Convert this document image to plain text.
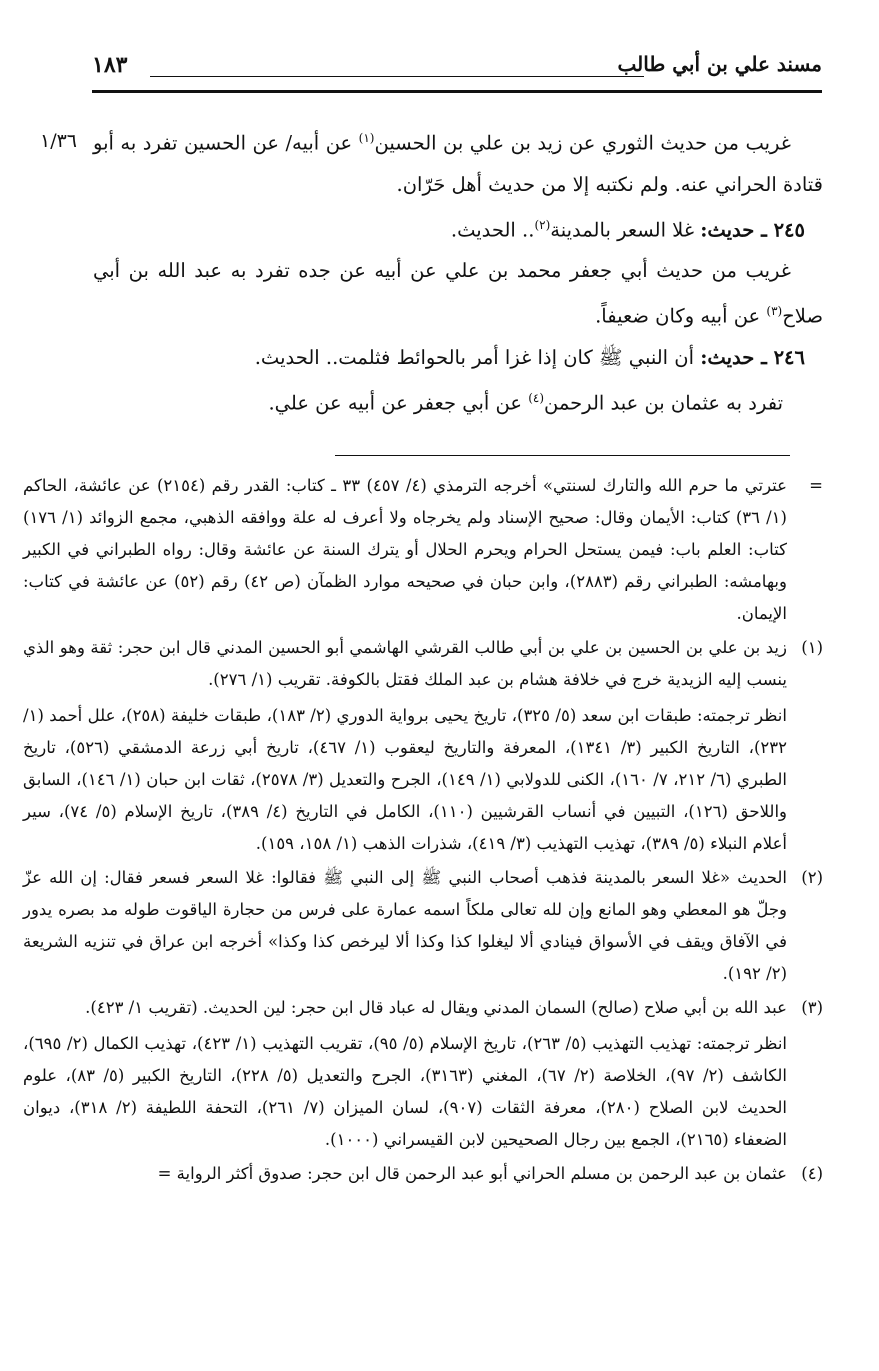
مسند علي بن أبي طالب
١٨٣
١/٣٦	غريب من حديث الثوري عن زيد بن علي بن الحسين$^{(١)}$ عن أبيه/ عن الحسين تفرد به أبو قتادة الحراني عنه. ولم نكتبه إلا من حديث أهل حَرّان.

٢٤٥ ـ حديث: غلا السعر بالمدينة$^{(٢)}$.. الحديث.

غريب من حديث أبي جعفر محمد بن علي عن أبيه عن جده تفرد به عبد الله بن أبي صلاح$^{(٣)}$ عن أبيه وكان ضعيفاً.

٢٤٦ ـ حديث: أن النبي ﷺ كان إذا غزا أمر بالحوائط فثلمت.. الحديث.

تفرد به عثمان بن عبد الرحمن$^{(٤)}$ عن أبي جعفر عن أبيه عن علي.

=

عترتي ما حرم الله والتارك لسنتي» أخرجه الترمذي (٤/ ٤٥٧) ٣٣ ـ كتاب: القدر رقم (٢١٥٤) عن عائشة، الحاكم (١/ ٣٦) كتاب: الأيمان وقال: صحيح الإسناد ولم يخرجاه ولا أعرف له علة ووافقه الذهبي، مجمع الزوائد (١/ ١٧٦) كتاب: العلم باب: فيمن يستحل الحرام ويحرم الحلال أو يترك السنة عن عائشة وقال: رواه الطبراني في الكبير وبهامشه: الطبراني رقم (٢٨٨٣)، وابن حبان في صحيحه موارد الظمآن (ص ٤٢) رقم (٥٢) عن عائشة في كتاب: الإيمان.

(١)

زيد بن علي بن الحسين بن علي بن أبي طالب القرشي الهاشمي أبو الحسين المدني قال ابن حجر: ثقة وهو الذي ينسب إليه الزيدية خرج في خلافة هشام بن عبد الملك فقتل بالكوفة. تقريب (١/ ٢٧٦).

انظر ترجمته: طبقات ابن سعد (٥/ ٣٢٥)، تاريخ يحيى برواية الدوري (٢/ ١٨٣)، طبقات خليفة (٢٥٨)، علل أحمد (١/ ٢٣٢)، التاريخ الكبير (٣/ ١٣٤١)، المعرفة والتاريخ ليعقوب (١/ ٤٦٧)، تاريخ أبي زرعة الدمشقي (٥٢٦)، تاريخ الطبري (٦/ ٢١٢، ٧/ ١٦٠)، الكنى للدولابي (١/ ١٤٩)، الجرح والتعديل (٣/ ٢٥٧٨)، ثقات ابن حبان (١/ ١٤٦)، السابق واللاحق (١٢٦)، التبيين في أنساب القرشيين (١١٠)، الكامل في التاريخ (٤/ ٣٨٩)، تاريخ الإسلام (٥/ ٧٤)، سير أعلام النبلاء (٥/ ٣٨٩)، تهذيب التهذيب (٣/ ٤١٩)، شذرات الذهب (١/ ١٥٨، ١٥٩).

(٢)

الحديث «غلا السعر بالمدينة فذهب أصحاب النبي ﷺ إلى النبي ﷺ فقالوا: غلا السعر فسعر فقال: إن الله عزّ وجلّ هو المعطي وهو المانع وإن لله تعالى ملكاً اسمه عمارة على فرس من حجارة الياقوت طوله مد بصره يدور في الآفاق ويقف في الأسواق فينادي ألا ليغلوا كذا وكذا ألا ليرخص كذا وكذا» أخرجه ابن عراق في تنزيه الشريعة (٢/ ١٩٢).

(٣)

عبد الله بن أبي صلاح (صالح) السمان المدني ويقال له عباد قال ابن حجر: لين الحديث. (تقريب ١/ ٤٢٣).

انظر ترجمته: تهذيب التهذيب (٥/ ٢٦٣)، تاريخ الإسلام (٥/ ٩٥)، تقريب التهذيب (١/ ٤٢٣)، تهذيب الكمال (٢/ ٦٩٥)، الكاشف (٢/ ٩٧)، الخلاصة (٢/ ٦٧)، المغني (٣١٦٣)، الجرح والتعديل (٥/ ٢٢٨)، التاريخ الكبير (٥/ ٨٣)، علوم الحديث لابن الصلاح (٢٨٠)، معرفة الثقات (٩٠٧)، لسان الميزان (٧/ ٢٦١)، التحفة اللطيفة (٢/ ٣١٨)، ديوان الضعفاء (٢١٦٥)، الجمع بين رجال الصحيحين لابن القيسراني (١٠٠٠).

(٤)

عثمان بن عبد الرحمن بن مسلم الحراني أبو عبد الرحمن قال ابن حجر: صدوق أكثر الرواية =
